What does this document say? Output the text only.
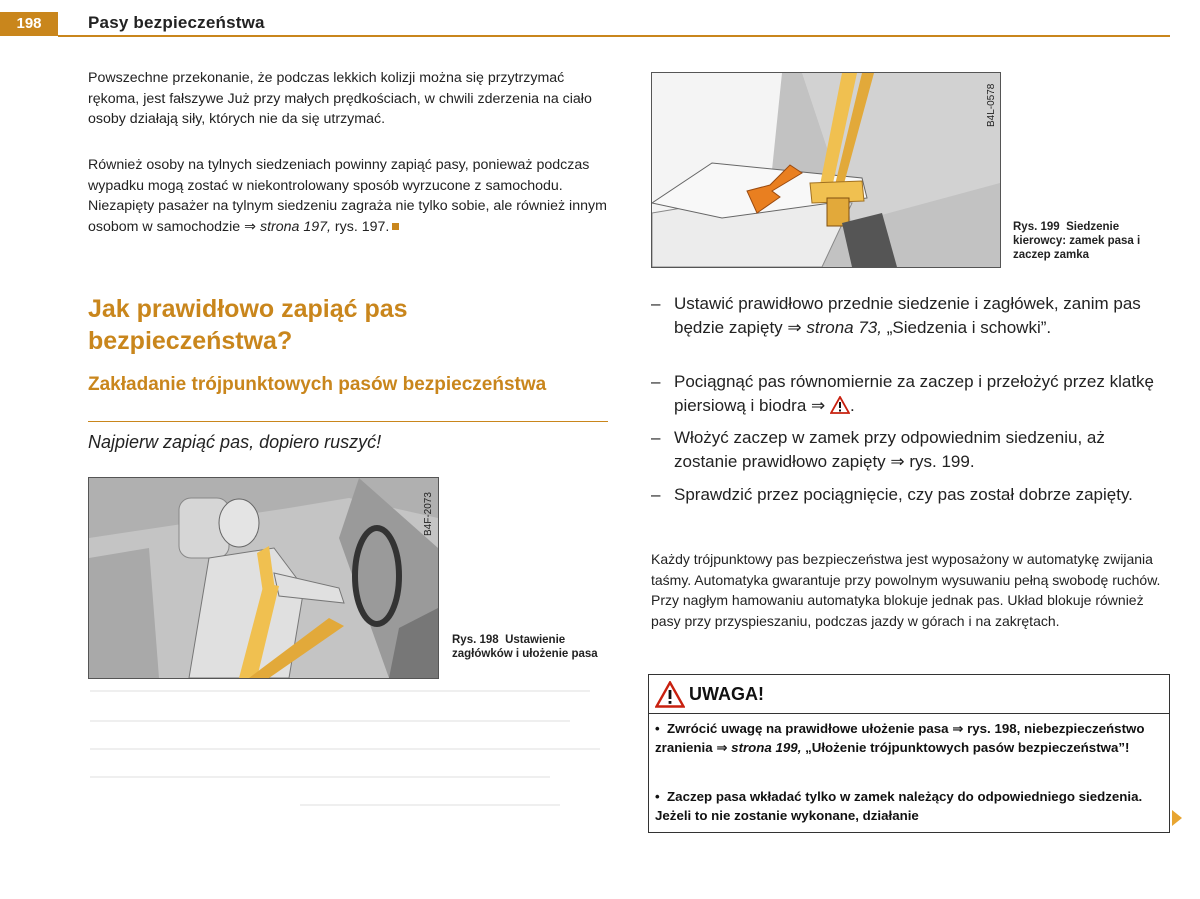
198	Pasy bezpieczeństwa

Powszechne przekonanie, że podczas lekkich kolizji można się przytrzymać rękoma, jest fałszywe Już przy małych prędkościach, w chwili zderzenia na ciało osoby działają siły, których nie da się utrzymać.

Również osoby na tylnych siedzeniach powinny zapiąć pasy, ponieważ podczas wypadku mogą zostać w niekontrolowany sposób wyrzucone z samochodu. Niezapięty pasażer na tylnym siedzeniu zagraża nie tylko sobie, ale również innym osobom w samochodzie ⇒ strona 197, rys. 197.

Jak prawidłowo zapiąć pas bezpieczeństwa?
Zakładanie trójpunktowych pasów bezpieczeństwa
Najpierw zapiąć pas, dopiero ruszyć!
B4F-2073
Rys. 198 Ustawienie zagłówków i ułożenie pasa
B4L-0578
Rys. 199 Siedzenie kierowcy: zamek pasa i zaczep zamka
– Ustawić prawidłowo przednie siedzenie i zagłówek, zanim pas będzie zapięty ⇒ strona 73, „Siedzenia i schowki”.
– Pociągnąć pas równomiernie za zaczep i przełożyć przez klatkę piersiową i biodra ⇒ .
– Włożyć zaczep w zamek przy odpowiednim siedzeniu, aż zostanie prawidłowo zapięty ⇒ rys. 199.
– Sprawdzić przez pociągnięcie, czy pas został dobrze zapięty.
Każdy trójpunktowy pas bezpieczeństwa jest wyposażony w automatykę zwijania taśmy. Automatyka gwarantuje przy powolnym wysuwaniu pełną swobodę ruchów. Przy nagłym hamowaniu automatyka blokuje jednak pas. Układ blokuje również pasy przy przyspieszaniu, podczas jazdy w górach i na zakrętach.
UWAGA!
• Zwrócić uwagę na prawidłowe ułożenie pasa ⇒ rys. 198, niebezpieczeństwo zranienia ⇒ strona 199, „Ułożenie trójpunktowych pasów bezpieczeństwa”!
• Zaczep pasa wkładać tylko w zamek należący do odpowiedniego siedzenia. Jeżeli to nie zostanie wykonane, działanie
